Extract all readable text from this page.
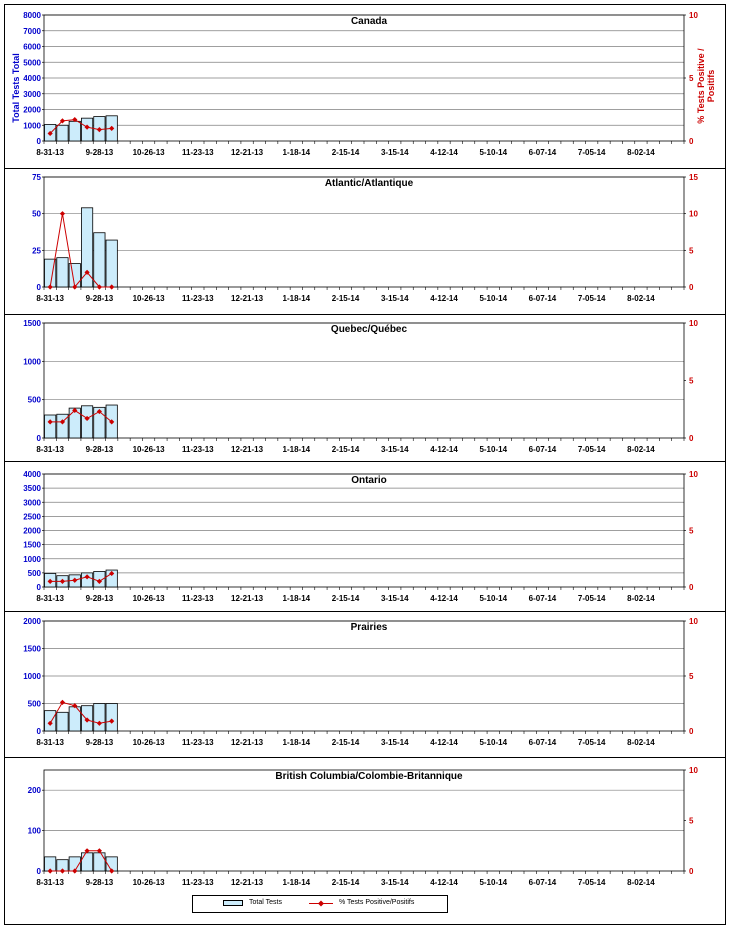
0
1000
2000
3000
4000
5000
6000
7000
8000
0
5
10
8-31-13	9-28-13 10-26-13 11-23-13 12-21-13 1-18-14	2-15-14	3-15-14	4-12-14	5-10-14	6-07-14	7-05-14	8-02-14
Canada
Total Tests Total	% Tests Positive /Positifs
0
25
50
75
0
5
10
15
8-31-13	9-28-13 10-26-13 11-23-13 12-21-13 1-18-14	2-15-14	3-15-14	4-12-14	5-10-14	6-07-14	7-05-14	8-02-14
Atlantic/Atlantique
0
500
1000
1500
0
5
10
8-31-13	9-28-13 10-26-13 11-23-13 12-21-13 1-18-14	2-15-14	3-15-14	4-12-14	5-10-14	6-07-14	7-05-14	8-02-14
Quebec/Québec
0
500
1000
1500
2000
2500
3000
3500
4000
0
5
10
8-31-13	9-28-13 10-26-13 11-23-13 12-21-13 1-18-14	2-15-14	3-15-14	4-12-14	5-10-14	6-07-14	7-05-14	8-02-14
Ontario
0
500
1000
1500
2000
0
5
10
8-31-13	9-28-13 10-26-13 11-23-13 12-21-13 1-18-14	2-15-14	3-15-14	4-12-14	5-10-14	6-07-14	7-05-14	8-02-14
Prairies
0
100
200
0
5
10
8-31-13	9-28-13 10-26-13 11-23-13 12-21-13 1-18-14	2-15-14	3-15-14	4-12-14	5-10-14	6-07-14	7-05-14	8-02-14
British Columbia/Colombie-Britannique
Total Tests	% Tests Positive/Positifs
